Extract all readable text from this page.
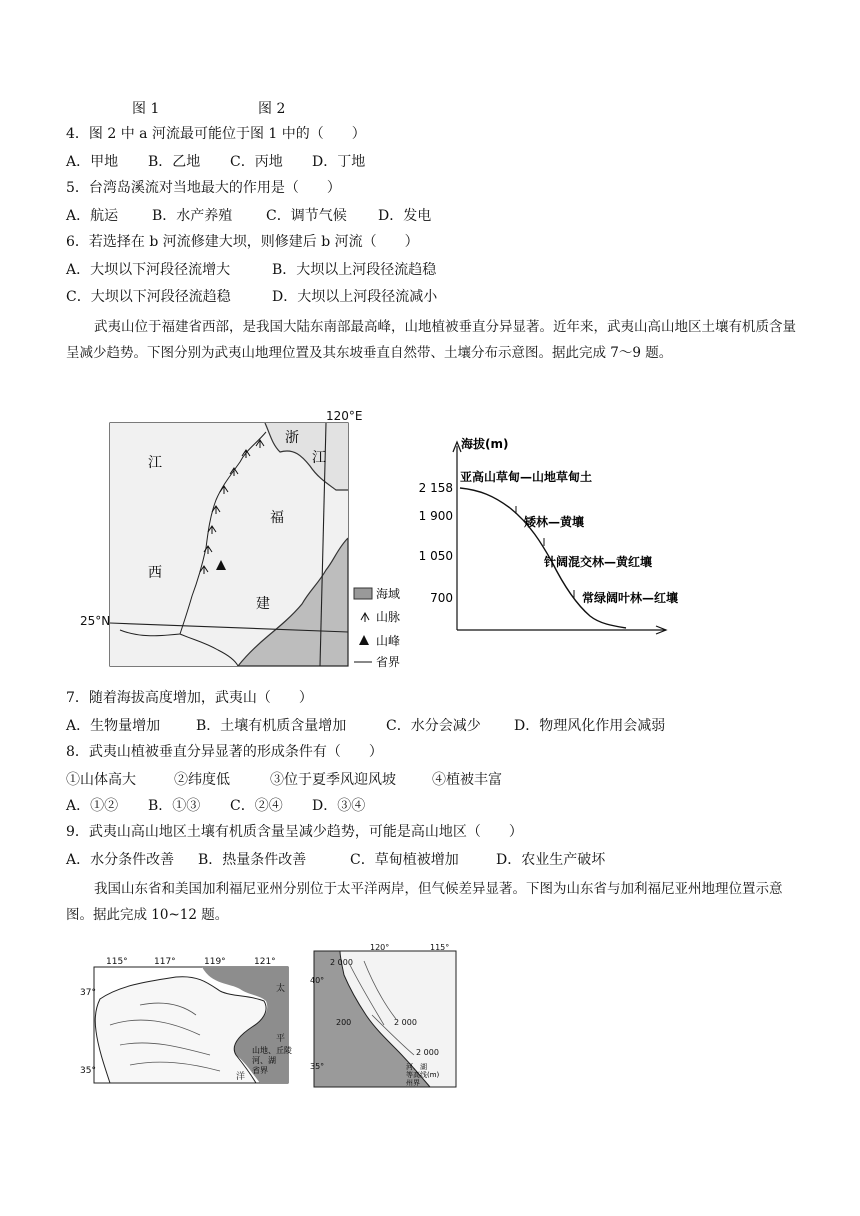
图 1	图 2
4．图 2 中 a 河流最可能位于图 1 中的（　　）
A．甲地 B．乙地 C．丙地 D．丁地
5．台湾岛溪流对当地最大的作用是（　　）
A．航运 B．水产养殖 C．调节气候 D．发电
6．若选择在 b 河流修建大坝，则修建后 b 河流（　　）
A．大坝以下河段径流增大	B．大坝以上河段径流趋稳
C．大坝以下河段径流趋稳	D．大坝以上河段径流减小
武夷山位于福建省西部，是我国大陆东南部最高峰，山地植被垂直分异显著。近年来，武夷山高山地区土壤有机质含量呈减少趋势。下图分别为武夷山地理位置及其东坡垂直自然带、土壤分布示意图。据此完成 7～9 题。
120°E
25°N
浙
江
江
西
福
建
海域
山脉
山峰
省界
海拔(m)
2 158
1 900
1 050
700
亚高山草甸—山地草甸土
矮林—黄壤
针阔混交林—黄红壤
常绿阔叶林—红壤
7．随着海拔高度增加，武夷山（　　）
A．生物量增加	B．土壤有机质含量增加	C．水分会减少 D．物理风化作用会减弱
8．武夷山植被垂直分异显著的形成条件有（　　）
①山体高大	②纬度低	③位于夏季风迎风坡	④植被丰富
A．①② B．①③ C．②④ D．③④
9．武夷山高山地区土壤有机质含量呈减少趋势，可能是高山地区（　　）
A．水分条件改善 B．热量条件改善	C．草甸植被增加	D．农业生产破坏
我国山东省和美国加利福尼亚州分别位于太平洋两岸，但气候差异显著。下图为山东省与加利福尼亚州地理位置示意图。据此完成 10~12 题。
115°	117°	119°	121°
37°
35°
太
平
洋
山地、丘陵
河、湖
省界
120°	115°
40°
35°
2 000
200	2 000
2 000
河、湖
等高线(m)
州界
